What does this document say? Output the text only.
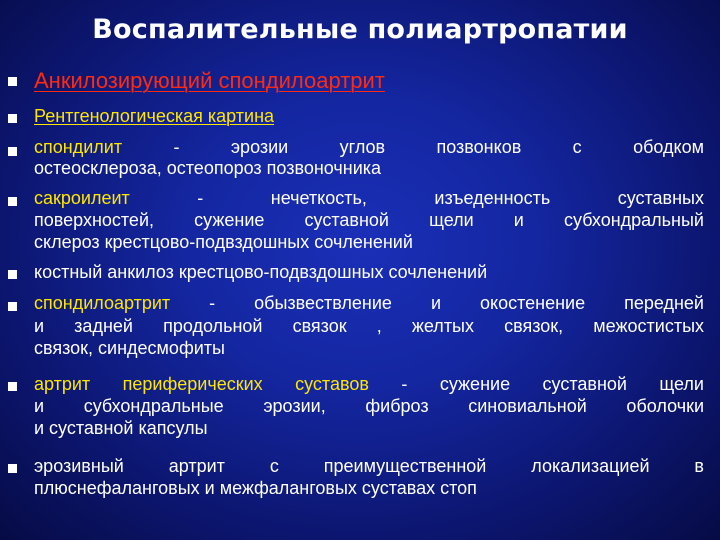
Воспалительные полиартропатии
Анкилозирующий спондилоартрит
Рентгенологическая картина
спондилит - эрозии углов позвонков с ободком
остеосклероза, остеопороз позвоночника
сакроилеит - нечеткость, изъеденность суставных
поверхностей, сужение суставной щели и субхондральный
склероз крестцово-подвздошных сочленений
костный анкилоз крестцово-подвздошных сочленений
спондилоартрит - обызвествление и окостенение передней
и задней продольной связок , желтых связок, межостистых
связок, синдесмофиты
артрит периферических суставов - сужение суставной щели
и субхондральные эрозии, фиброз синовиальной оболочки
и суставной капсулы
эрозивный артрит с преимущественной локализацией в
плюснефаланговых и межфаланговых суставах стоп
